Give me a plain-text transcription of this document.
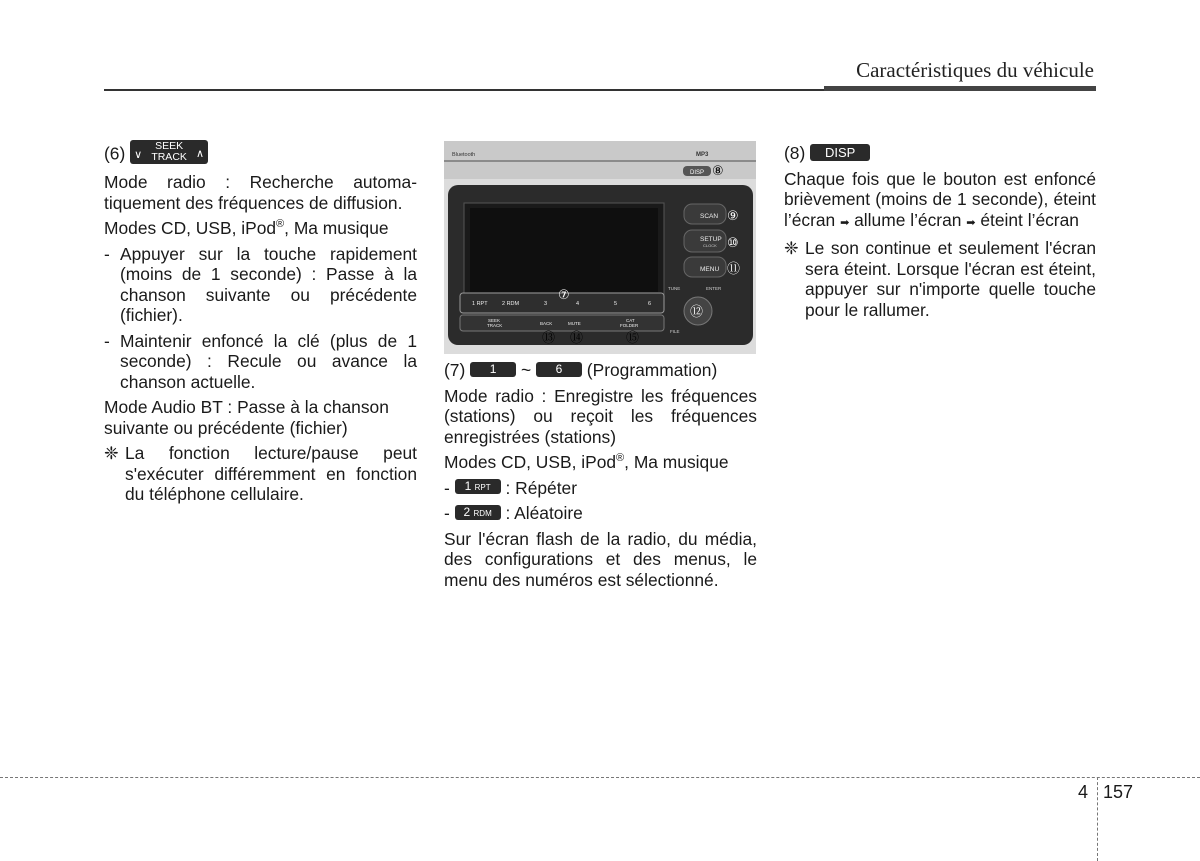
Caractéristiques du véhicule

(6) ∨
SEEK
TRACK ∧

Mode radio : Recherche automa-tiquement des fréquences de diffusion.

Modes CD, USB, iPod®, Ma musique

- Appuyer sur la touche rapidement (moins de 1 seconde) : Passe à la chanson suivante ou précédente (fichier).
- Maintenir enfoncé la clé (plus de 1 seconde) : Recule ou avance la chanson actuelle.

Mode Audio BT : Passe à la chanson suivante ou précédente (fichier)

❈ La fonction lecture/pause peut s'exécuter différemment en fonction du téléphone cellulaire.
Bluetooth	MP3
DISP ⑧
SCAN ⑨
SETUP
CLOCK ⑩
MENU ⑪
TUNE	ENTER
⑫
FILE
1 RPT	2 RDM	3	4	5	6
⑦
SEEK
TRACK	BACK	MUTE
CAT
FOLDER
⑬ ⑭	⑮

(7) 1 ~ 6 (Programmation)

Mode radio : Enregistre les fréquences (stations) ou reçoit les fréquences enregistrées (stations)

Modes CD, USB, iPod®, Ma musique

- 1 RPT : Répéter

- 2 RDM : Aléatoire

Sur l'écran flash de la radio, du média, des configurations et des menus, le menu des numéros est sélectionné.

(8) DISP

Chaque fois que le bouton est enfoncé brièvement (moins de 1 seconde), éteint l’écran ➡ allume l’écran ➡ éteint l’écran

❈ Le son continue et seulement l'écran sera éteint. Lorsque l'écran est éteint, appuyer sur n'importe quelle touche pour le rallumer.
4 157
